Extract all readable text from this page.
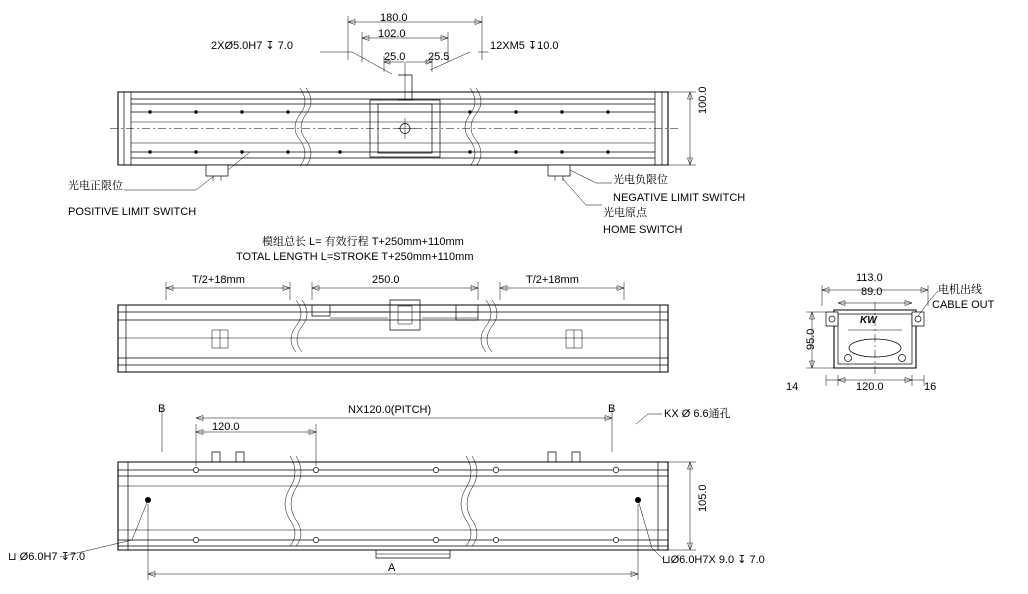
180.0
102.0
25.0 25.5
2XØ5.0H7 ↧ 7.0	12XM5 ↧10.0
100.0
光电正限位
POSITIVE LIMIT SWITCH
光电负限位
NEGATIVE LIMIT SWITCH
光电原点
HOME SWITCH
模组总长 L= 有效行程 T+250mm+110mm
TOTAL LENGTH L=STROKE T+250mm+110mm
T/2+18mm	250.0	T/2+18mm	113.0
89.0
95.0
14	120.0	16
电机出线
CABLE OUT
KW
B	B
NX120.0(PITCH)
120.0
105.0
A
KX Ø 6.6通孔
⊔ Ø6.0H7 ↧7.0	⊔Ø6.0H7X 9.0 ↧ 7.0
